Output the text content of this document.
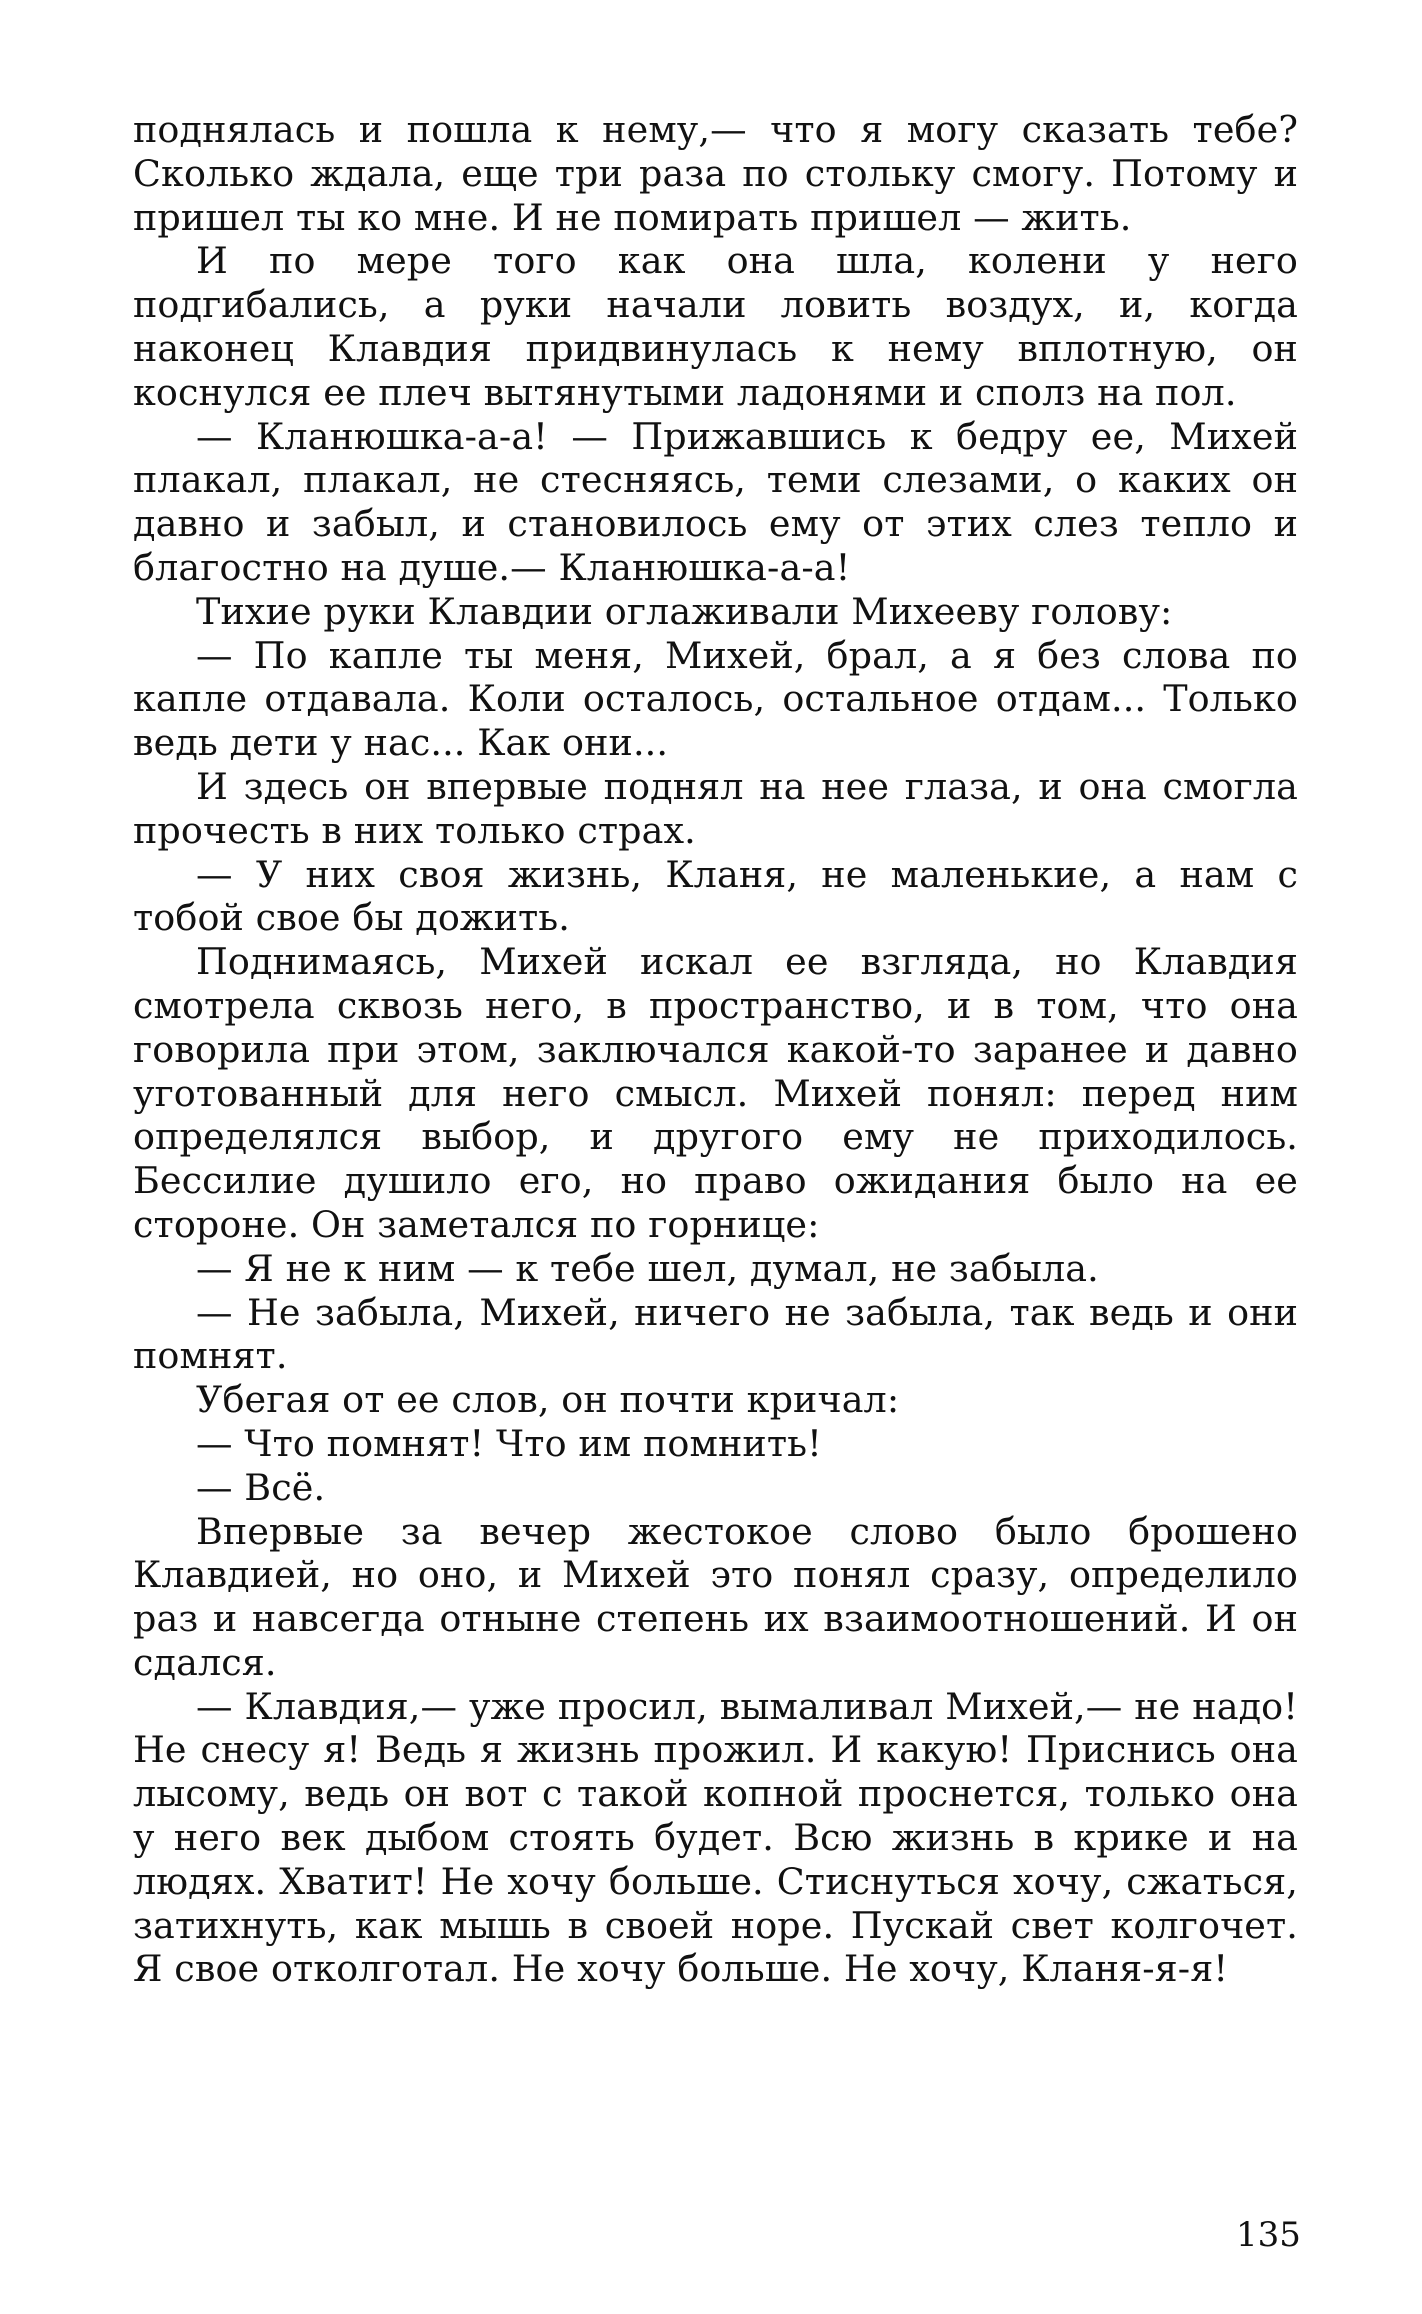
поднялась и пошла к нему,— что я могу сказать тебе? Сколько ждала, еще три раза по стольку смогу. Потому и пришел ты ко мне. И не помирать пришел — жить.

И по мере того как она шла, колени у него подгибались, а руки начали ловить воздух, и, когда наконец Клавдия придвинулась к нему вплотную, он коснулся ее плеч вытянутыми ладонями и сполз на пол.

— Кланюшка-а-а! — Прижавшись к бедру ее, Михей плакал, плакал, не стесняясь, теми слезами, о каких он давно и забыл, и становилось ему от этих слез тепло и благостно на душе.— Кланюшка-а-а!

Тихие руки Клавдии оглаживали Михееву голову:

— По капле ты меня, Михей, брал, а я без слова по капле отдавала. Коли осталось, остальное отдам... Только ведь дети у нас... Как они...

И здесь он впервые поднял на нее глаза, и она смогла прочесть в них только страх.

— У них своя жизнь, Кланя, не маленькие, а нам с тобой свое бы дожить.

Поднимаясь, Михей искал ее взгляда, но Клавдия смотрела сквозь него, в пространство, и в том, что она говорила при этом, заключался какой-то заранее и давно уготованный для него смысл. Михей понял: перед ним определялся выбор, и другого ему не приходилось. Бессилие душило его, но право ожидания было на ее стороне. Он заметался по горнице:

— Я не к ним — к тебе шел, думал, не забыла.

— Не забыла, Михей, ничего не забыла, так ведь и они помнят.

Убегая от ее слов, он почти кричал:

— Что помнят! Что им помнить!

— Всё.

Впервые за вечер жестокое слово было брошено Клавдией, но оно, и Михей это понял сразу, определило раз и навсегда отныне степень их взаимоотношений. И он сдался.

— Клавдия,— уже просил, вымаливал Михей,— не надо! Не снесу я! Ведь я жизнь прожил. И какую! Приснись она лысому, ведь он вот с такой копной проснется, только она у него век дыбом стоять будет. Всю жизнь в крике и на людях. Хватит! Не хочу больше. Стиснуться хочу, сжаться, затихнуть, как мышь в своей норе. Пускай свет колгочет. Я свое отколготал. Не хочу больше. Не хочу, Кланя-я-я!

135
